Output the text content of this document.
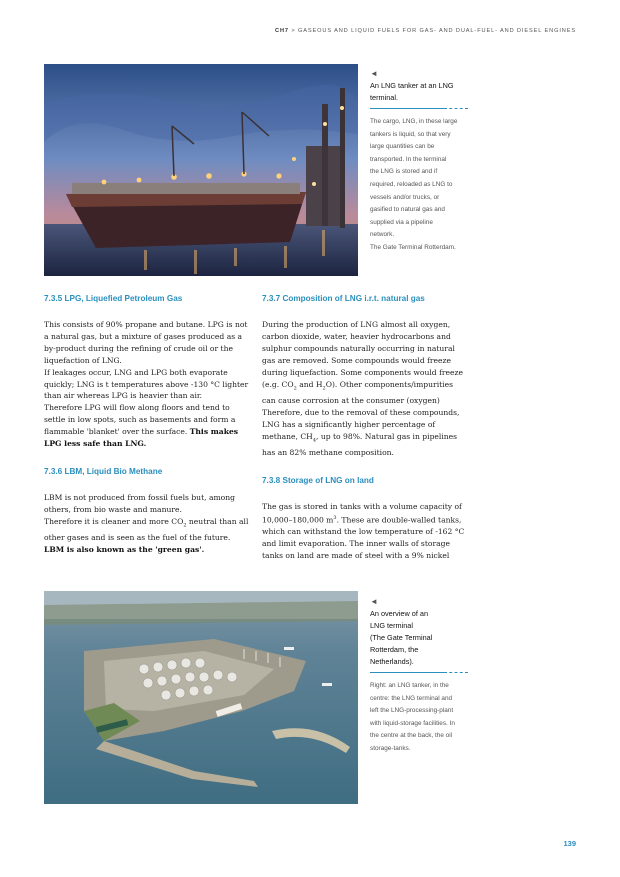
CH7 > GASEOUS AND LIQUID FUELS FOR GAS- AND DUAL-FUEL- AND DIESEL ENGINES
◄
An LNG tanker at an LNG
terminal.
The cargo, LNG, in these large
tankers is liquid, so that very
large quantities can be
transported. In the terminal
the LNG is stored and if
required, reloaded as LNG to
vessels and/or trucks, or
gasified to natural gas and
supplied via a pipeline
network.
The Gate Terminal Rotterdam.
7.3.5 LPG, Liquefied Petroleum Gas
This consists of 90% propane and butane. LPG is not
a natural gas, but a mixture of gases produced as a
by-product during the refining of crude oil or the
liquefaction of LNG.
If leakages occur, LNG and LPG both evaporate
quickly; LNG is t temperatures above -130 °C lighter
than air whereas LPG is heavier than air.
Therefore LPG will flow along floors and tend to
settle in low spots, such as basements and form a
flammable 'blanket' over the surface. This makes
LPG less safe than LNG.
7.3.6 LBM, Liquid Bio Methane
LBM is not produced from fossil fuels but, among
others, from bio waste and manure.
Therefore it is cleaner and more $CO_2$ neutral than all
other gases and is seen as the fuel of the future.
LBM is also known as the 'green gas'.
7.3.7 Composition of LNG i.r.t. natural gas
During the production of LNG almost all oxygen,
carbon dioxide, water, heavier hydrocarbons and
sulphur compounds naturally occurring in natural
gas are removed. Some compounds would freeze
during liquefaction. Some components would freeze
(e.g. $CO_2$ and $H_2O$). Other components/impurities
can cause corrosion at the consumer (oxygen)
Therefore, due to the removal of these compounds,
LNG has a significantly higher percentage of
methane, $CH_4$, up to 98%. Natural gas in pipelines
has an 82% methane composition.
7.3.8 Storage of LNG on land
The gas is stored in tanks with a volume capacity of
10,000–180,000 $m^3$. These are double-walled tanks,
which can withstand the low temperature of -162 °C
and limit evaporation. The inner walls of storage
tanks on land are made of steel with a 9% nickel
◄
An overview of an
LNG terminal
(The Gate Terminal
Rotterdam, the
Netherlands).
Right: an LNG tanker, in the
centre: the LNG terminal and
left the LNG-processing-plant
with liquid-storage facilities. In
the centre at the back, the oil
storage-tanks.
139
